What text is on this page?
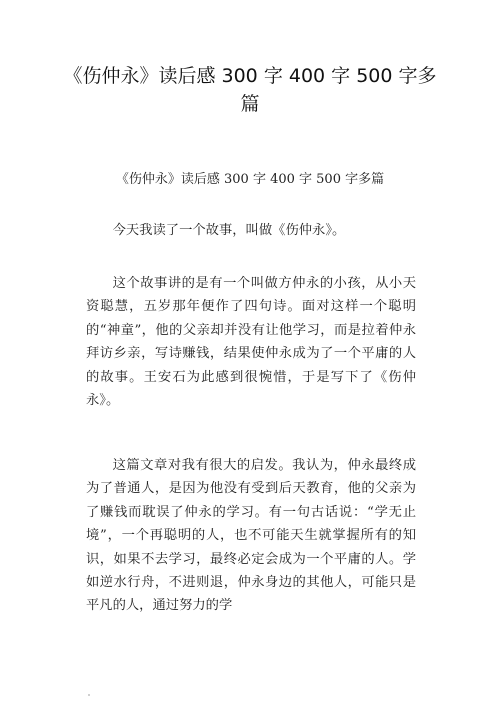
《伤仲永》读后感 300 字 400 字 500 字多篇

《伤仲永》读后感 300 字 400 字 500 字多篇

今天我读了一个故事，叫做《伤仲永》。

这个故事讲的是有一个叫做方仲永的小孩，从小天资聪慧，五岁那年便作了四句诗。面对这样一个聪明的“神童”，他的父亲却并没有让他学习，而是拉着仲永拜访乡亲，写诗赚钱，结果使仲永成为了一个平庸的人的故事。王安石为此感到很惋惜，于是写下了《伤仲永》。

这篇文章对我有很大的启发。我认为，仲永最终成为了普通人，是因为他没有受到后天教育，他的父亲为了赚钱而耽误了仲永的学习。有一句古话说：“学无止境”，一个再聪明的人，也不可能天生就掌握所有的知识，如果不去学习，最终必定会成为一个平庸的人。学如逆水行舟，不进则退，仲永身边的其他人，可能只是平凡的人，通过努力的学
